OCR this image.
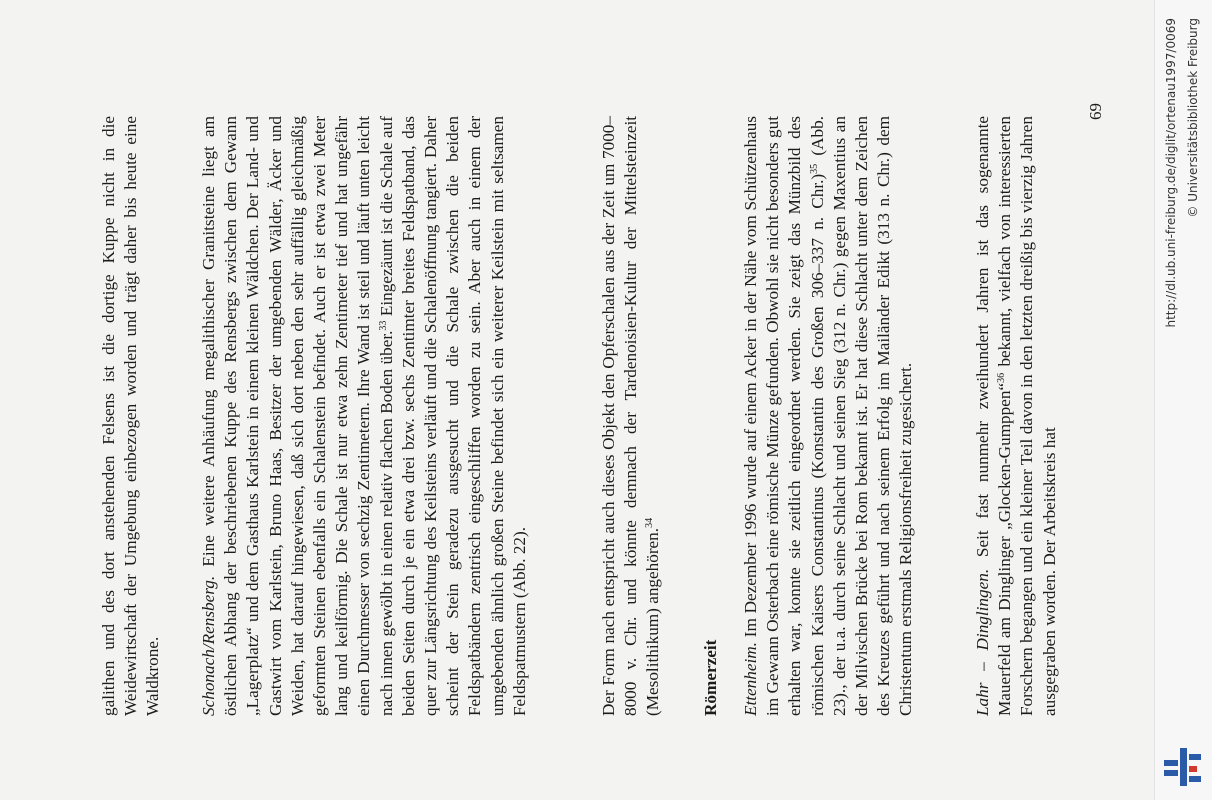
galithen und des dort anstehenden Felsens ist die dortige Kuppe nicht in die Weidewirtschaft der Umgebung einbezogen worden und trägt daher bis heute eine Waldkrone. Schonach/Rensberg. Eine weitere Anhäufung megalithischer Granitsteine liegt am östlichen Abhang der beschriebenen Kuppe des Rensbergs zwischen dem Gewann „Lagerplatz“ und dem Gasthaus Karlstein in einem kleinen Wäldchen. Der Land- und Gastwirt vom Karlstein, Bruno Haas, Besitzer der umgebenden Wälder, Äcker und Weiden, hat darauf hingewiesen, daß sich dort neben den sehr auffällig gleichmäßig geformten Steinen ebenfalls ein Schalenstein befindet. Auch er ist etwa zwei Meter lang und keilförmig. Die Schale ist nur etwa zehn Zentimeter tief und hat ungefähr einen Durchmesser von sechzig Zentimetern. Ihre Wand ist steil und läuft unten leicht nach innen gewölbt in einen relativ flachen Boden über.$^{33}$ Eingezäunt ist die Schale auf beiden Seiten durch je ein etwa drei bzw. sechs Zentimter breites Feldspatband, das quer zur Längsrichtung des Keilsteins verläuft und die Schalenöffnung tangiert. Daher scheint der Stein geradezu ausgesucht und die Schale zwischen die beiden Feldspatbändern zentrisch eingeschliffen worden zu sein. Aber auch in einem der umgebenden ähnlich großen Steine befindet sich ein weiterer Keilstein mit seltsamen Feldspatmustern (Abb. 22).	Der Form nach entspricht auch dieses Objekt den Opferschalen aus der Zeit um 7000–8000 v. Chr. und könnte demnach der Tardenoisien-Kultur der Mittelsteinzeit (Mesolithikum) angehören.$^{34}$

Römerzeit Ettenheim. Im Dezember 1996 wurde auf einem Acker in der Nähe vom Schützenhaus im Gewann Osterbach eine römische Münze gefunden. Obwohl sie nicht besonders gut erhalten war, konnte sie zeitlich eingeordnet werden. Sie zeigt das Münzbild des römischen Kaisers Constantinus (Konstantin des Großen 306–337 n. Chr.)$^{35}$ (Abb. 23)., der u.a. durch seine Schlacht und seinen Sieg (312 n. Chr.) gegen Maxentius an der Milvischen Brücke bei Rom bekannt ist. Er hat diese Schlacht unter dem Zeichen des Kreuzes geführt und nach seinem Erfolg im Mailänder Edikt (313 n. Chr.) dem Christentum erstmals Religionsfreiheit zugesichert.	Lahr – Dinglingen. Seit fast nunmehr zweihundert Jahren ist das sogenannte Mauerfeld am Dinglinger „Glocken-Gumppen“$^{36}$ bekannt, vielfach von interessierten Forschern begangen und ein kleiner Teil davon in den letzten dreißig bis vierzig Jahren ausgegraben worden. Der Arbeitskreis hat

69	http://dl.ub.uni-freiburg.de/diglit/ortenau1997/0069 © Universitätsbibliothek Freiburg
